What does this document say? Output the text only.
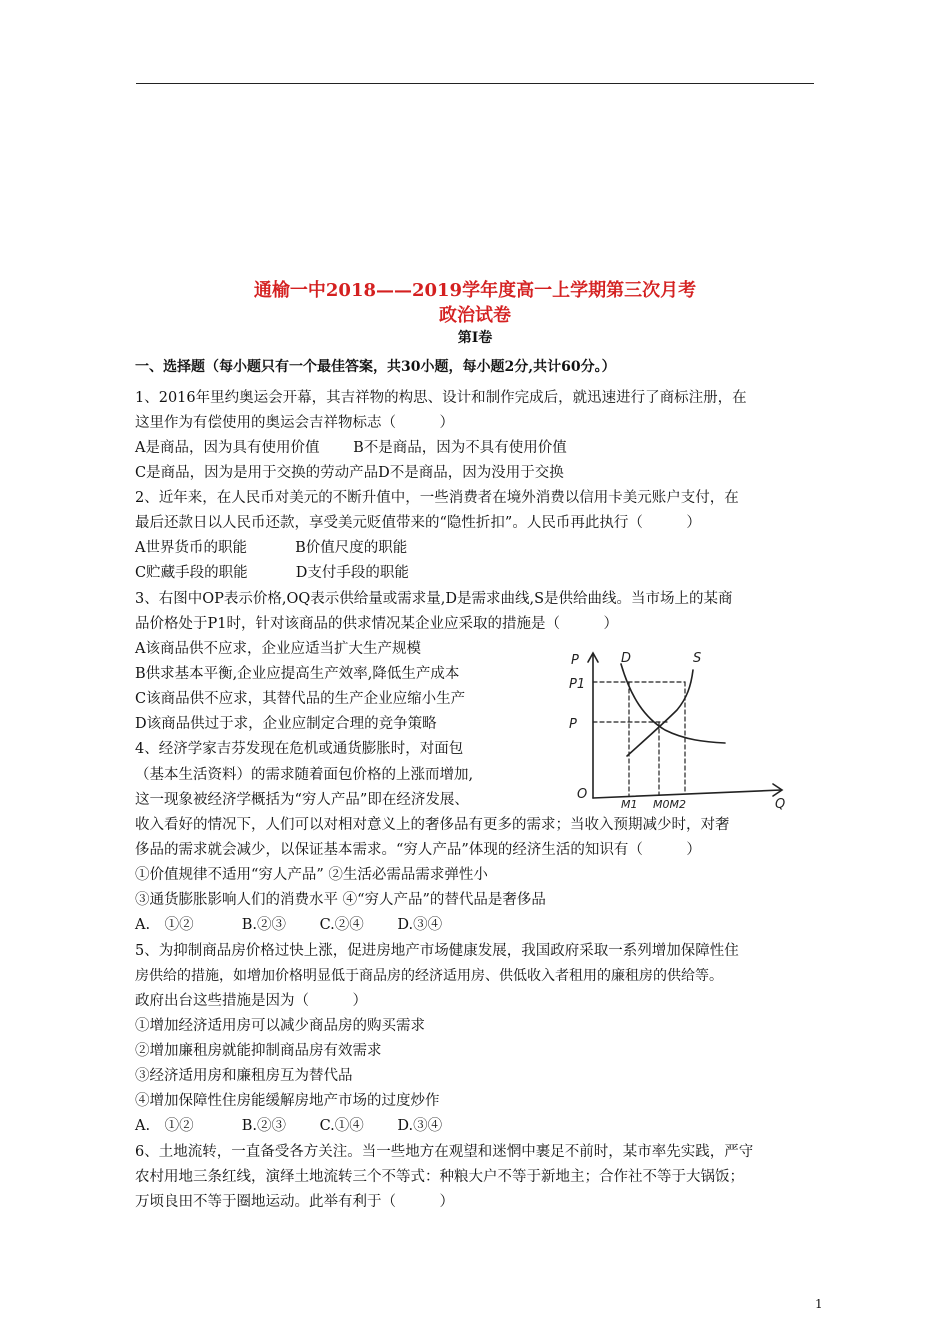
通榆一中2018——2019学年度高一上学期第三次月考
政治试卷
第Ⅰ卷
一、选择题（每小题只有一个最佳答案，共30小题，每小题2分,共计60分。）
1、2016年里约奥运会开幕，其吉祥物的构思、设计和制作完成后，就迅速进行了商标注册，在
这里作为有偿使用的奥运会吉祥物标志（　　　）
A是商品，因为具有使用价值　　 B不是商品，因为不具有使用价值
C是商品，因为是用于交换的劳动产品D不是商品，因为没用于交换
2、近年来，在人民币对美元的不断升值中，一些消费者在境外消费以信用卡美元账户支付，在
最后还款日以人民币还款，享受美元贬值带来的“隐性折扣”。人民币再此执行（　　　）
A世界货币的职能　　　 B价值尺度的职能
C贮藏手段的职能　　　 D支付手段的职能
3、右图中OP表示价格,OQ表示供给量或需求量,D是需求曲线,S是供给曲线。当市场上的某商
品价格处于P1时，针对该商品的供求情况某企业应采取的措施是（　　　）
A该商品供不应求，企业应适当扩大生产规模
B供求基本平衡,企业应提高生产效率,降低生产成本
C该商品供不应求，其替代品的生产企业应缩小生产
D该商品供过于求，企业应制定合理的竞争策略
4、经济学家吉芬发现在危机或通货膨胀时，对面包
（基本生活资料）的需求随着面包价格的上涨而增加,
这一现象被经济学概括为“穷人产品”即在经济发展、
收入看好的情况下，人们可以对相对意义上的奢侈品有更多的需求；当收入预期减少时，对奢
侈品的需求就会减少，以保证基本需求。“穷人产品”体现的经济生活的知识有（　　　）
①价值规律不适用“穷人产品” ②生活必需品需求弹性小
③通货膨胀影响人们的消费水平 ④“穷人产品”的替代品是奢侈品
A.　①②　　　 B.②③　　 C.②④　　 D.③④
5、为抑制商品房价格过快上涨，促进房地产市场健康发展，我国政府采取一系列增加保障性住
房供给的措施，如增加价格明显低于商品房的经济适用房、供低收入者租用的廉租房的供给等。
政府出台这些措施是因为（　　　）
①增加经济适用房可以减少商品房的购买需求
②增加廉租房就能抑制商品房有效需求
③经济适用房和廉租房互为替代品
④增加保障性住房能缓解房地产市场的过度炒作
A.　①②　　　 B.②③　　 C.①④　　 D.③④
6、土地流转，一直备受各方关注。当一些地方在观望和迷惘中裹足不前时，某市率先实践，严守
农村用地三条红线，演绎土地流转三个不等式：种粮大户不等于新地主；合作社不等于大锅饭；
万顷良田不等于圈地运动。此举有利于（　　　）
P
P1
P
D	S
O
M1 M0M2	Q
1
